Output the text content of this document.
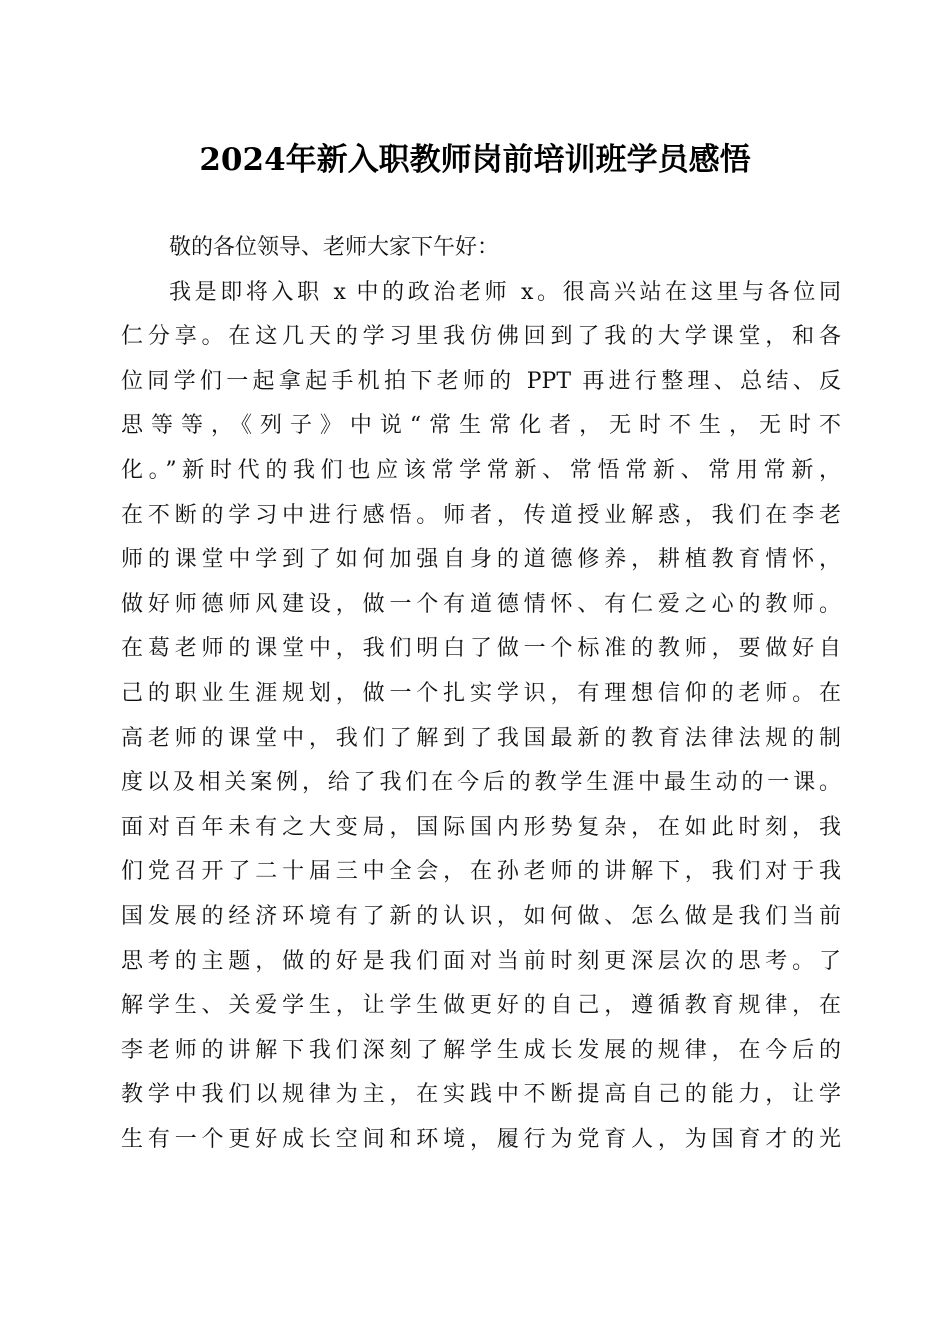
2024年新入职教师岗前培训班学员感悟
敬的各位领导、老师大家下午好：
我是即将入职 x 中的政治老师 x。很高兴站在这里与各位同
仁分享。在这几天的学习里我仿佛回到了我的大学课堂，和各
位同学们一起拿起手机拍下老师的 PPT 再进行整理、总结、反
思等等，《列子》中说“常生常化者，无时不生，无时不
化。”新时代的我们也应该常学常新、常悟常新、常用常新，
在不断的学习中进行感悟。师者，传道授业解惑，我们在李老
师的课堂中学到了如何加强自身的道德修养，耕植教育情怀，
做好师德师风建设，做一个有道德情怀、有仁爱之心的教师。
在葛老师的课堂中，我们明白了做一个标准的教师，要做好自
己的职业生涯规划，做一个扎实学识，有理想信仰的老师。在
高老师的课堂中，我们了解到了我国最新的教育法律法规的制
度以及相关案例，给了我们在今后的教学生涯中最生动的一课。
面对百年未有之大变局，国际国内形势复杂，在如此时刻，我
们党召开了二十届三中全会，在孙老师的讲解下，我们对于我
国发展的经济环境有了新的认识，如何做、怎么做是我们当前
思考的主题，做的好是我们面对当前时刻更深层次的思考。了
解学生、关爱学生，让学生做更好的自己，遵循教育规律，在
李老师的讲解下我们深刻了解学生成长发展的规律，在今后的
教学中我们以规律为主，在实践中不断提高自己的能力，让学
生有一个更好成长空间和环境，履行为党育人，为国育才的光
